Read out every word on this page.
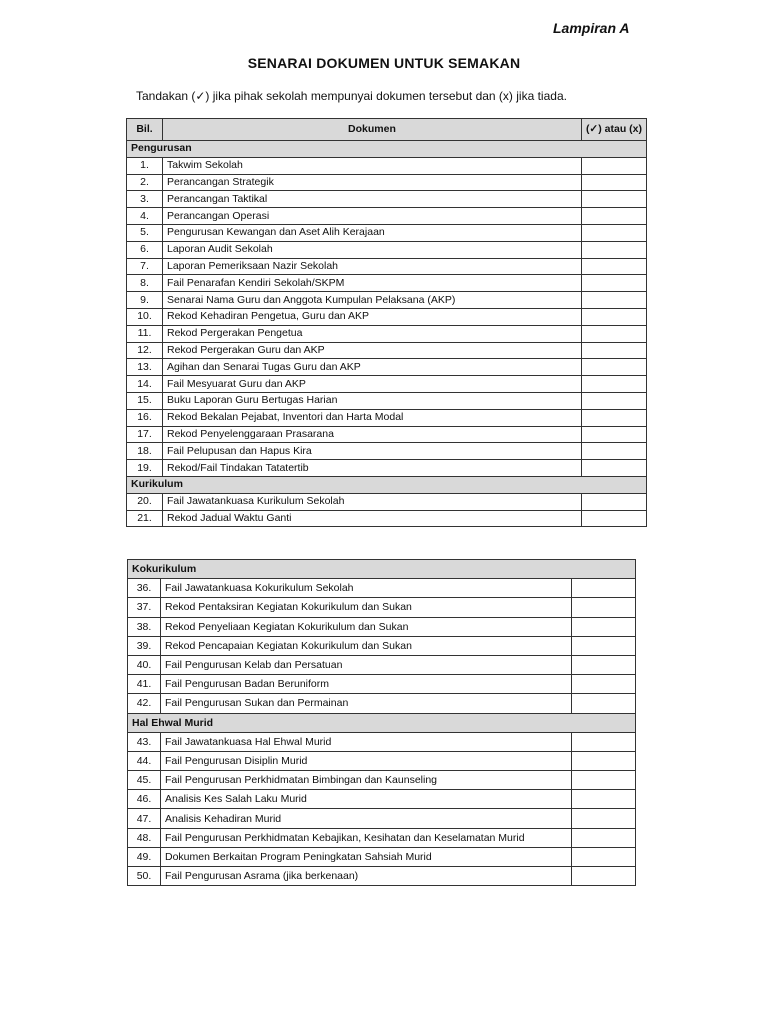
Lampiran A
SENARAI DOKUMEN UNTUK SEMAKAN
Tandakan (✓) jika pihak sekolah mempunyai dokumen tersebut dan (x) jika tiada.
Bil.	Dokumen	(✓) atau (x)
Pengurusan		
1.	Takwim Sekolah	
2.	Perancangan Strategik	
3.	Perancangan Taktikal	
4.	Perancangan Operasi	
5.	Pengurusan Kewangan dan Aset Alih Kerajaan	
6.	Laporan Audit Sekolah	
7.	Laporan Pemeriksaan Nazir Sekolah	
8.	Fail Penarafan Kendiri Sekolah/SKPM	
9.	Senarai Nama Guru dan Anggota Kumpulan Pelaksana (AKP)	
10.	Rekod Kehadiran Pengetua, Guru dan AKP	
11.	Rekod Pergerakan Pengetua	
12.	Rekod Pergerakan Guru dan AKP	
13.	Agihan dan Senarai Tugas Guru dan AKP	
14.	Fail Mesyuarat Guru dan AKP	
15.	Buku Laporan Guru Bertugas Harian	
16.	Rekod Bekalan Pejabat, Inventori dan Harta Modal	
17.	Rekod Penyelenggaraan Prasarana	
18.	Fail Pelupusan dan Hapus Kira	
19.	Rekod/Fail Tindakan Tatatertib	
Kurikulum		
20.	Fail Jawatankuasa Kurikulum Sekolah	
21.	Rekod Jadual Waktu Ganti	
Kokurikulum		
36.	Fail Jawatankuasa Kokurikulum Sekolah	
37.	Rekod Pentaksiran Kegiatan Kokurikulum dan Sukan	
38.	Rekod Penyeliaan Kegiatan Kokurikulum dan Sukan	
39.	Rekod Pencapaian Kegiatan Kokurikulum dan Sukan	
40.	Fail Pengurusan Kelab dan Persatuan	
41.	Fail Pengurusan Badan Beruniform	
42.	Fail Pengurusan Sukan dan Permainan	
Hal Ehwal Murid		
43.	Fail Jawatankuasa Hal Ehwal Murid	
44.	Fail Pengurusan Disiplin Murid	
45.	Fail Pengurusan Perkhidmatan Bimbingan dan Kaunseling	
46.	Analisis Kes Salah Laku Murid	
47.	Analisis Kehadiran Murid	
48.	Fail Pengurusan Perkhidmatan Kebajikan, Kesihatan dan Keselamatan Murid	
49.	Dokumen Berkaitan Program Peningkatan Sahsiah Murid	
50.	Fail Pengurusan Asrama (jika berkenaan)	
